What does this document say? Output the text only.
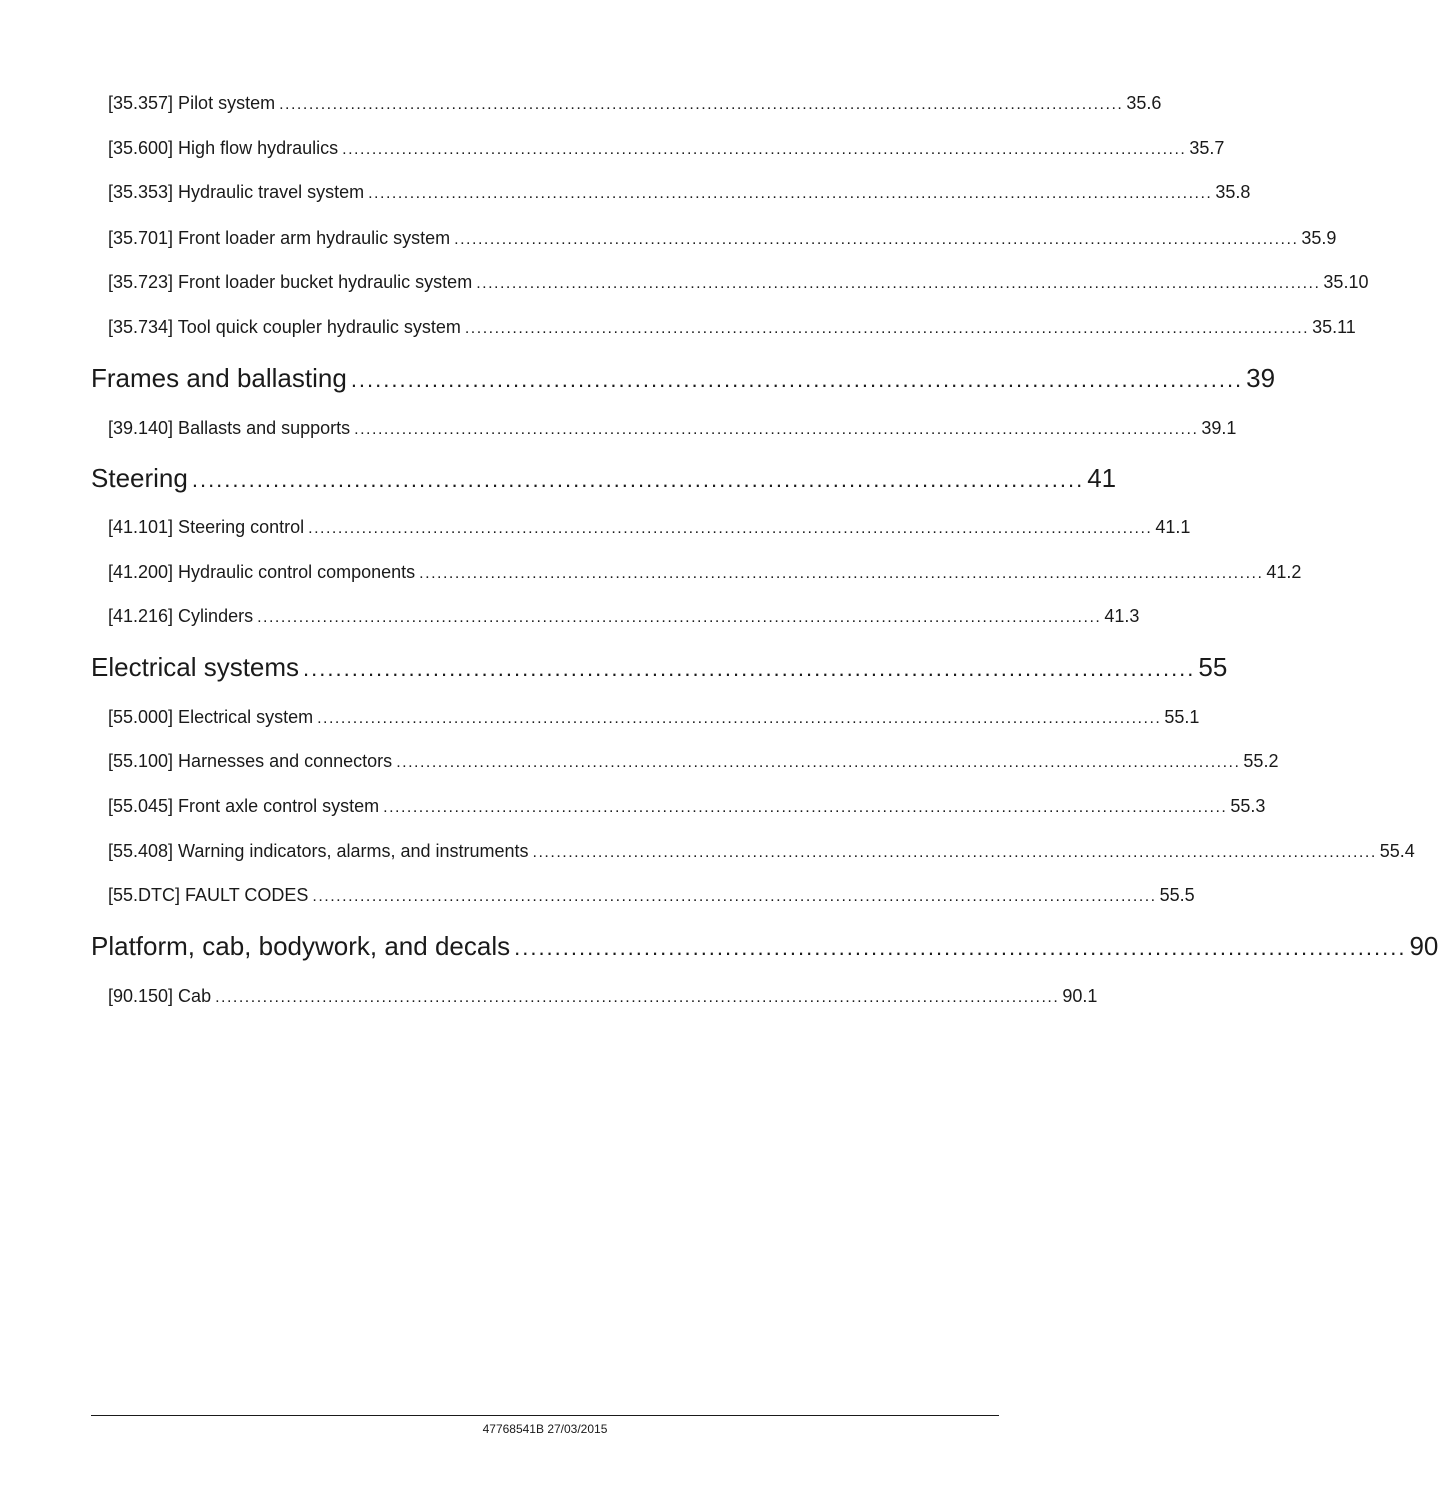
[35.357] Pilot system .............................................................................................................................................. 35.6
[35.600] High flow hydraulics .............................................................................................................................................. 35.7
[35.353] Hydraulic travel system .............................................................................................................................................. 35.8
[35.701] Front loader arm hydraulic system .............................................................................................................................................. 35.9
[35.723] Front loader bucket hydraulic system .............................................................................................................................................. 35.10
[35.734] Tool quick coupler hydraulic system .............................................................................................................................................. 35.11
Frames and ballasting .............................................................................................................. 39
[39.140] Ballasts and supports .............................................................................................................................................. 39.1
Steering .............................................................................................................. 41
[41.101] Steering control .............................................................................................................................................. 41.1
[41.200] Hydraulic control components .............................................................................................................................................. 41.2
[41.216] Cylinders .............................................................................................................................................. 41.3
Electrical systems .............................................................................................................. 55
[55.000] Electrical system .............................................................................................................................................. 55.1
[55.100] Harnesses and connectors .............................................................................................................................................. 55.2
[55.045] Front axle control system .............................................................................................................................................. 55.3
[55.408] Warning indicators, alarms, and instruments .............................................................................................................................................. 55.4
[55.DTC] FAULT CODES .............................................................................................................................................. 55.5
Platform, cab, bodywork, and decals .............................................................................................................. 90
[90.150] Cab .............................................................................................................................................. 90.1
47768541B 27/03/2015
